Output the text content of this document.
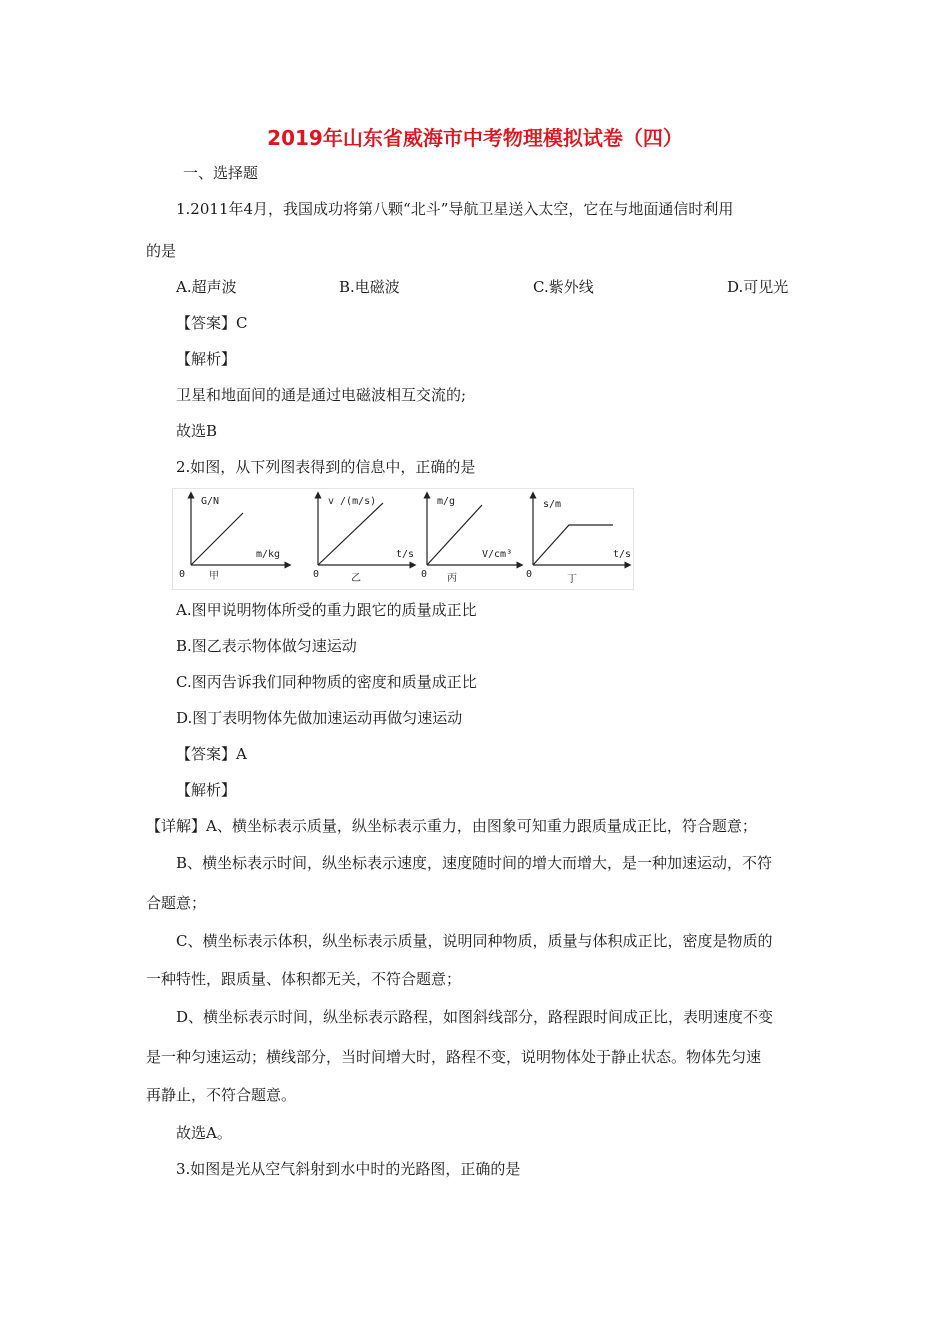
2019年山东省威海市中考物理模拟试卷（四）
一、选择题
1.2011年4月，我国成功将第八颗“北斗”导航卫星送入太空，它在与地面通信时利用
的是
A.超声波	B.电磁波	C.紫外线	D.可见光
【答案】C
【解析】
卫星和地面间的通是通过电磁波相互交流的;
故选B
2.如图，从下列图表得到的信息中，正确的是
G/N
m/kg
0 甲
v /(m/s)
t/s
0	乙
m/g
V/cm³
0 丙
s/m
t/s
0	丁
A.图甲说明物体所受的重力跟它的质量成正比
B.图乙表示物体做匀速运动
C.图丙告诉我们同种物质的密度和质量成正比
D.图丁表明物体先做加速运动再做匀速运动
【答案】A
【解析】
【详解】A、横坐标表示质量，纵坐标表示重力，由图象可知重力跟质量成正比，符合题意；
B、横坐标表示时间，纵坐标表示速度，速度随时间的增大而增大，是一种加速运动，不符
合题意；
C、横坐标表示体积，纵坐标表示质量，说明同种物质，质量与体积成正比，密度是物质的
一种特性，跟质量、体积都无关，不符合题意；
D、横坐标表示时间，纵坐标表示路程，如图斜线部分，路程跟时间成正比，表明速度不变
是一种匀速运动；横线部分，当时间增大时，路程不变，说明物体处于静止状态。物体先匀速
再静止，不符合题意。
故选A。
3.如图是光从空气斜射到水中时的光路图，正确的是
